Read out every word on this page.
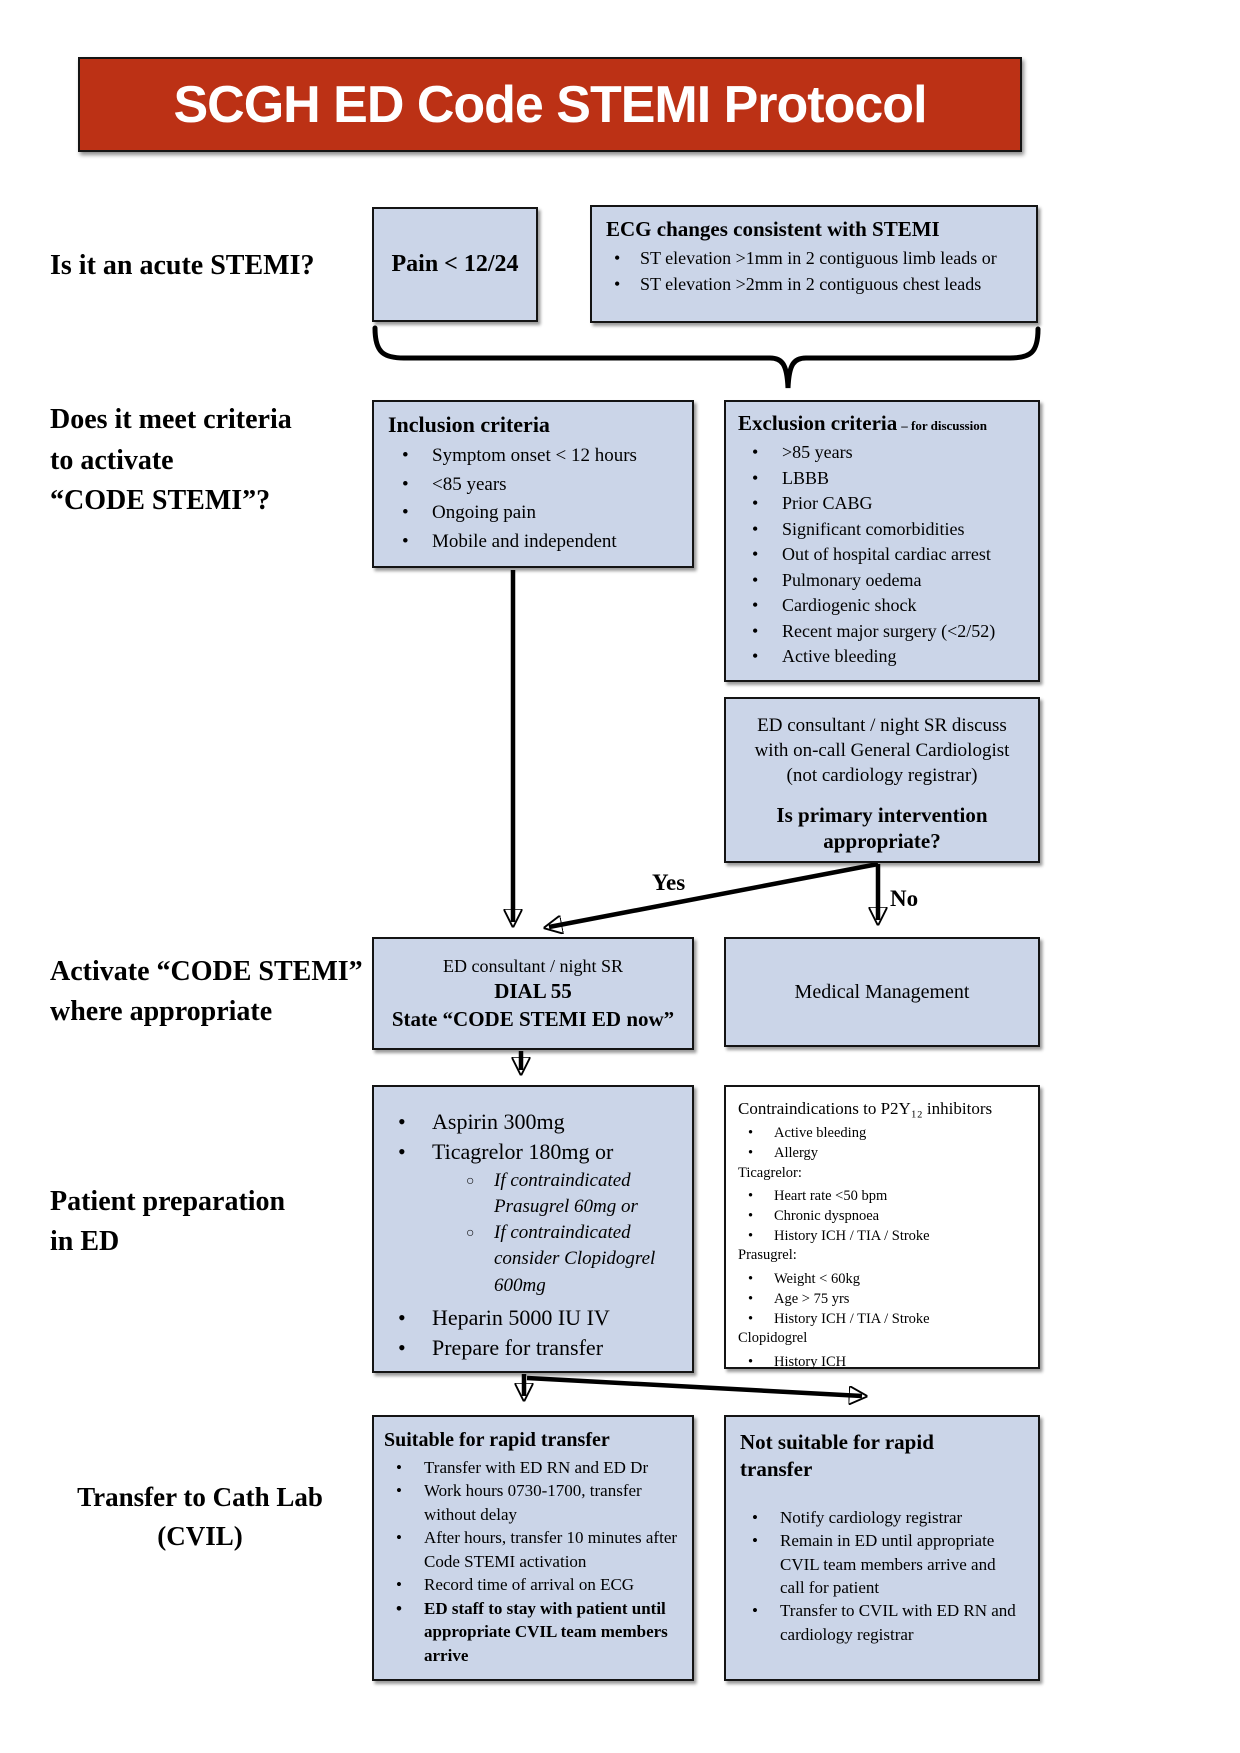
SCGH ED Code STEMI Protocol
Is it an acute STEMI?
Does it meet criteria
to activate
“CODE STEMI”?
Activate “CODE STEMI”
where appropriate
Patient preparation
in ED
Transfer to Cath Lab
(CVIL)
Pain < 12/24
ECG changes consistent with STEMI
• ST elevation >1mm in 2 contiguous limb leads or
• ST elevation >2mm in 2 contiguous chest leads
Inclusion criteria
• Symptom onset < 12 hours
• <85 years
• Ongoing pain
• Mobile and independent
Exclusion criteria – for discussion
• >85 years
• LBBB
• Prior CABG
• Significant comorbidities
• Out of hospital cardiac arrest
• Pulmonary oedema
• Cardiogenic shock
• Recent major surgery (<2/52)
• Active bleeding
ED consultant / night SR discuss
with on-call General Cardiologist
(not cardiology registrar)
Is primary intervention appropriate?
Yes
No
ED consultant / night SR
DIAL 55
State “CODE STEMI ED now”
Medical Management
• Aspirin 300mg
• Ticagrelor 180mg or
○ If contraindicated Prasugrel 60mg or
○ If contraindicated consider Clopidogrel 600mg
• Heparin 5000 IU IV
• Prepare for transfer
Contraindications to P2Y₁₂ inhibitors
• Active bleeding
• Allergy
Ticagrelor:
• Heart rate <50 bpm
• Chronic dyspnoea
• History ICH / TIA / Stroke
Prasugrel:
• Weight < 60kg
• Age > 75 yrs
• History ICH / TIA / Stroke
Clopidogrel
• History ICH
Suitable for rapid transfer
• Transfer with ED RN and ED Dr
• Work hours 0730-1700, transfer without delay
• After hours, transfer 10 minutes after Code STEMI activation
• Record time of arrival on ECG
• ED staff to stay with patient until appropriate CVIL team members arrive
Not suitable for rapid transfer
• Notify cardiology registrar
• Remain in ED until appropriate CVIL team members arrive and call for patient
• Transfer to CVIL with ED RN and cardiology registrar
